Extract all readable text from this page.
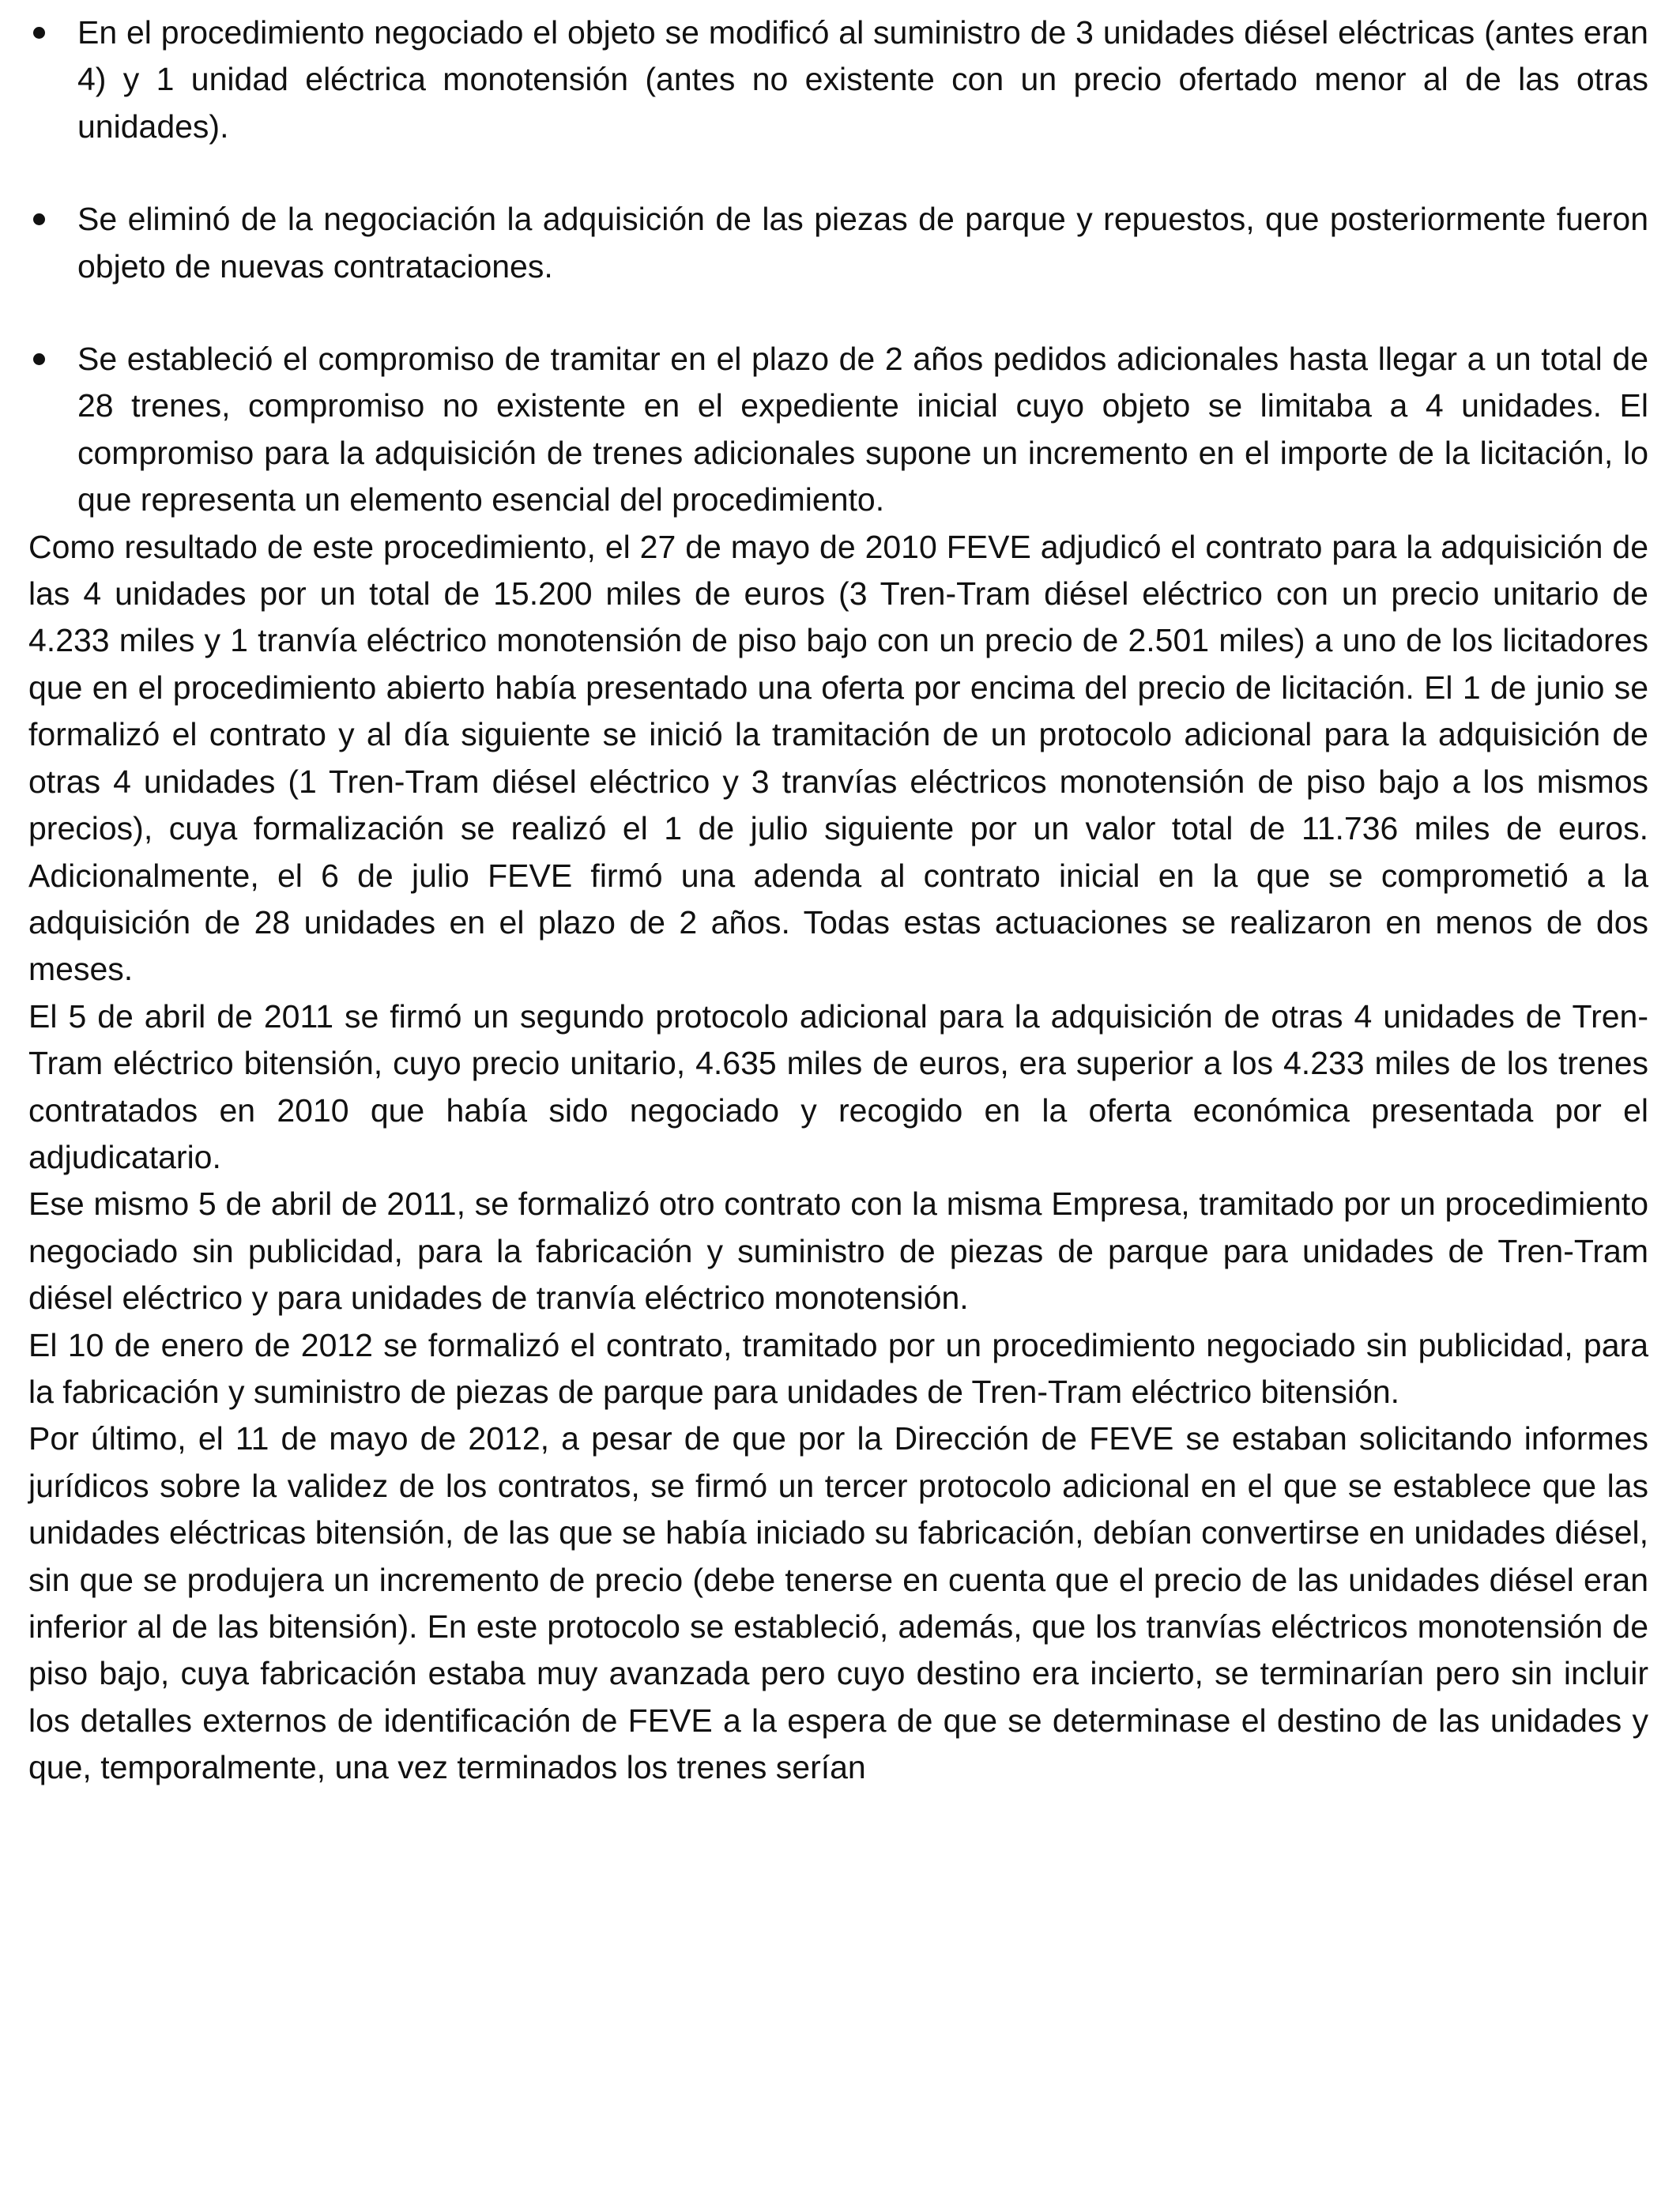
En el procedimiento negociado el objeto se modificó al suministro de 3 unidades diésel eléctricas (antes eran 4) y 1 unidad eléctrica monotensión (antes no existente con un precio ofertado menor al de las otras unidades).
Se eliminó de la negociación la adquisición de las piezas de parque y repuestos, que posteriormente fueron objeto de nuevas contrataciones.
Se estableció el compromiso de tramitar en el plazo de 2 años pedidos adicionales hasta llegar a un total de 28 trenes, compromiso no existente en el expediente inicial cuyo objeto se limitaba a 4 unidades. El compromiso para la adquisición de trenes adicionales supone un incremento en el importe de la licitación, lo que representa un elemento esencial del procedimiento.

Como resultado de este procedimiento, el 27 de mayo de 2010 FEVE adjudicó el contrato para la adquisición de las 4 unidades por un total de 15.200 miles de euros (3 Tren-Tram diésel eléctrico con un precio unitario de 4.233 miles y 1 tranvía eléctrico monotensión de piso bajo con un precio de 2.501 miles) a uno de los licitadores que en el procedimiento abierto había presentado una oferta por encima del precio de licitación. El 1 de junio se formalizó el contrato y al día siguiente se inició la tramitación de un protocolo adicional para la adquisición de otras 4 unidades (1 Tren-Tram diésel eléctrico y 3 tranvías eléctricos monotensión de piso bajo a los mismos precios), cuya formalización se realizó el 1 de julio siguiente por un valor total de 11.736 miles de euros. Adicionalmente, el 6 de julio FEVE firmó una adenda al contrato inicial en la que se comprometió a la adquisición de 28 unidades en el plazo de 2 años. Todas estas actuaciones se realizaron en menos de dos meses.

El 5 de abril de 2011 se firmó un segundo protocolo adicional para la adquisición de otras 4 unidades de Tren-Tram eléctrico bitensión, cuyo precio unitario, 4.635 miles de euros, era superior a los 4.233 miles de los trenes contratados en 2010 que había sido negociado y recogido en la oferta económica presentada por el adjudicatario.

Ese mismo 5 de abril de 2011, se formalizó otro contrato con la misma Empresa, tramitado por un procedimiento negociado sin publicidad, para la fabricación y suministro de piezas de parque para unidades de Tren-Tram diésel eléctrico y para unidades de tranvía eléctrico monotensión.

El 10 de enero de 2012 se formalizó el contrato, tramitado por un procedimiento negociado sin publicidad, para la fabricación y suministro de piezas de parque para unidades de Tren-Tram eléctrico bitensión.

Por último, el 11 de mayo de 2012, a pesar de que por la Dirección de FEVE se estaban solicitando informes jurídicos sobre la validez de los contratos, se firmó un tercer protocolo adicional en el que se establece que las unidades eléctricas bitensión, de las que se había iniciado su fabricación, debían convertirse en unidades diésel, sin que se produjera un incremento de precio (debe tenerse en cuenta que el precio de las unidades diésel eran inferior al de las bitensión). En este protocolo se estableció, además, que los tranvías eléctricos monotensión de piso bajo, cuya fabricación estaba muy avanzada pero cuyo destino era incierto, se terminarían pero sin incluir los detalles externos de identificación de FEVE a la espera de que se determinase el destino de las unidades y que, temporalmente, una vez terminados los trenes serían
